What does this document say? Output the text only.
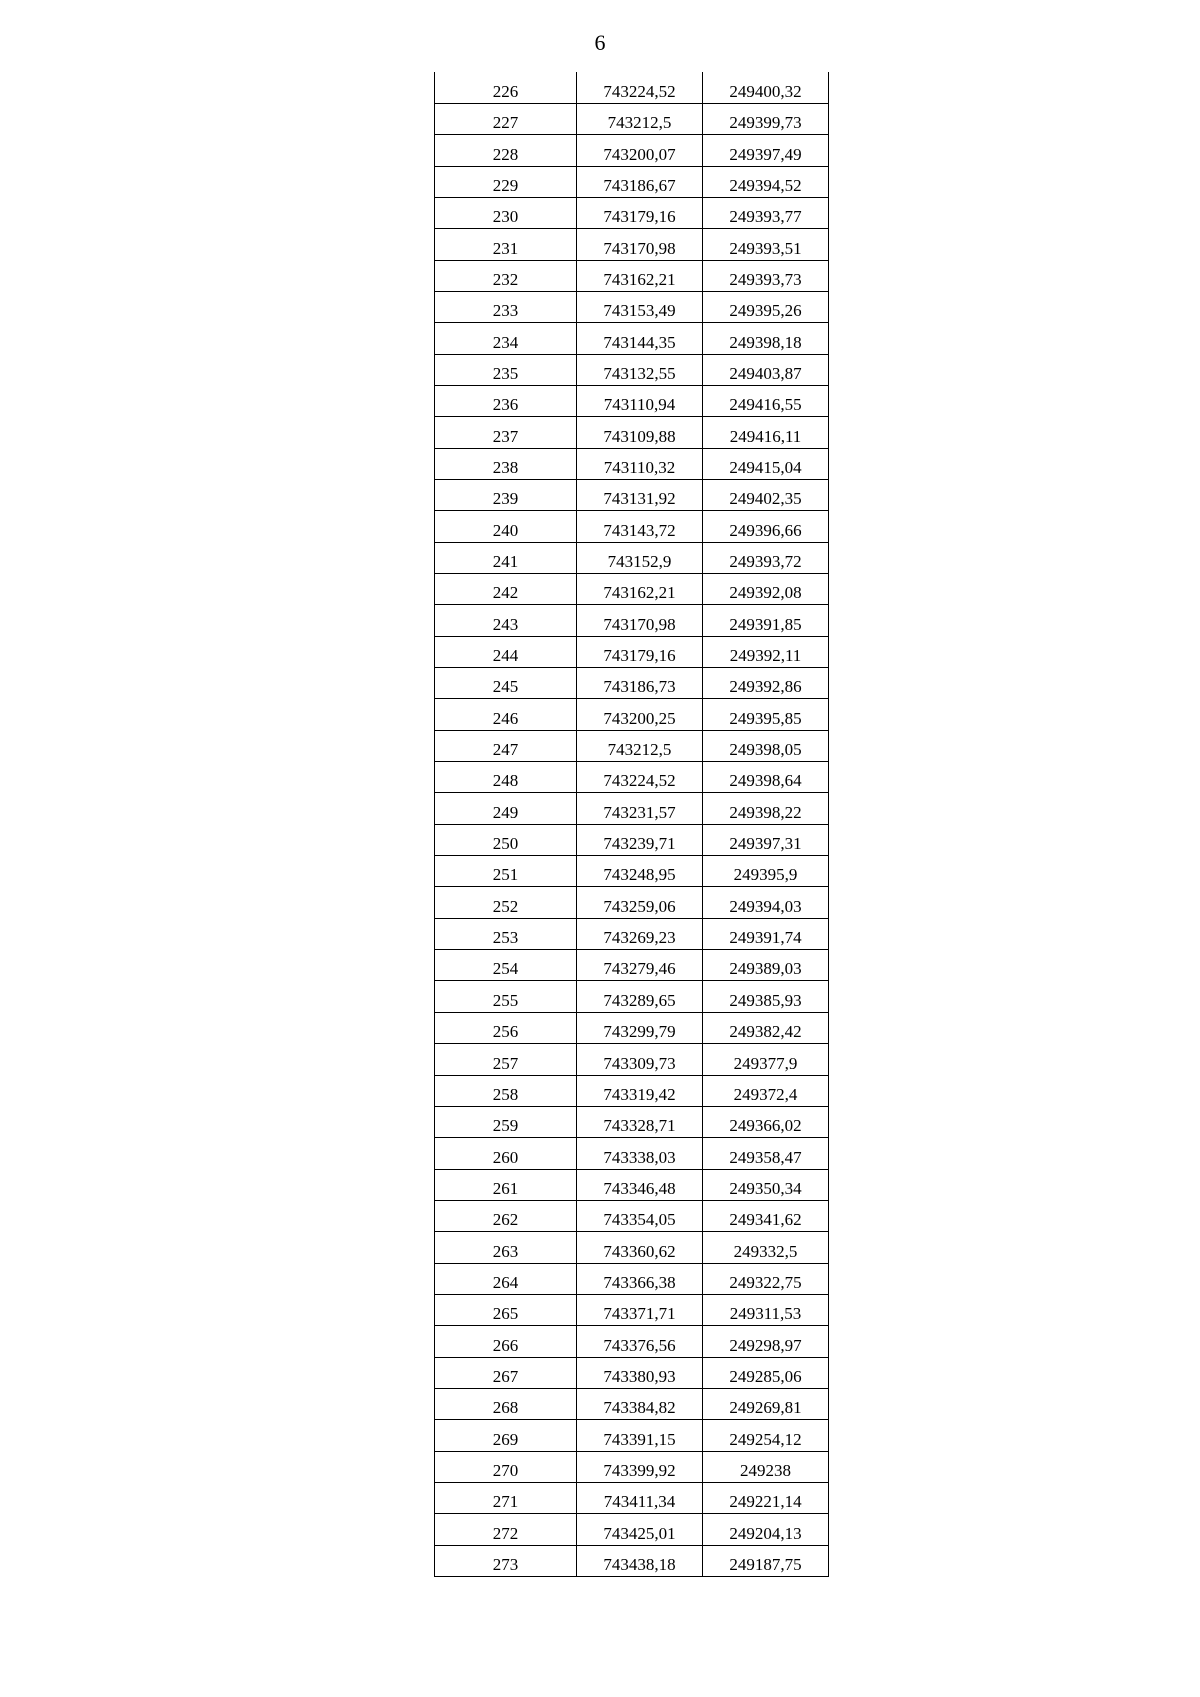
6
226	743224,52	249400,32
227	743212,5	249399,73
228	743200,07	249397,49
229	743186,67	249394,52
230	743179,16	249393,77
231	743170,98	249393,51
232	743162,21	249393,73
233	743153,49	249395,26
234	743144,35	249398,18
235	743132,55	249403,87
236	743110,94	249416,55
237	743109,88	249416,11
238	743110,32	249415,04
239	743131,92	249402,35
240	743143,72	249396,66
241	743152,9	249393,72
242	743162,21	249392,08
243	743170,98	249391,85
244	743179,16	249392,11
245	743186,73	249392,86
246	743200,25	249395,85
247	743212,5	249398,05
248	743224,52	249398,64
249	743231,57	249398,22
250	743239,71	249397,31
251	743248,95	249395,9
252	743259,06	249394,03
253	743269,23	249391,74
254	743279,46	249389,03
255	743289,65	249385,93
256	743299,79	249382,42
257	743309,73	249377,9
258	743319,42	249372,4
259	743328,71	249366,02
260	743338,03	249358,47
261	743346,48	249350,34
262	743354,05	249341,62
263	743360,62	249332,5
264	743366,38	249322,75
265	743371,71	249311,53
266	743376,56	249298,97
267	743380,93	249285,06
268	743384,82	249269,81
269	743391,15	249254,12
270	743399,92	249238
271	743411,34	249221,14
272	743425,01	249204,13
273	743438,18	249187,75
